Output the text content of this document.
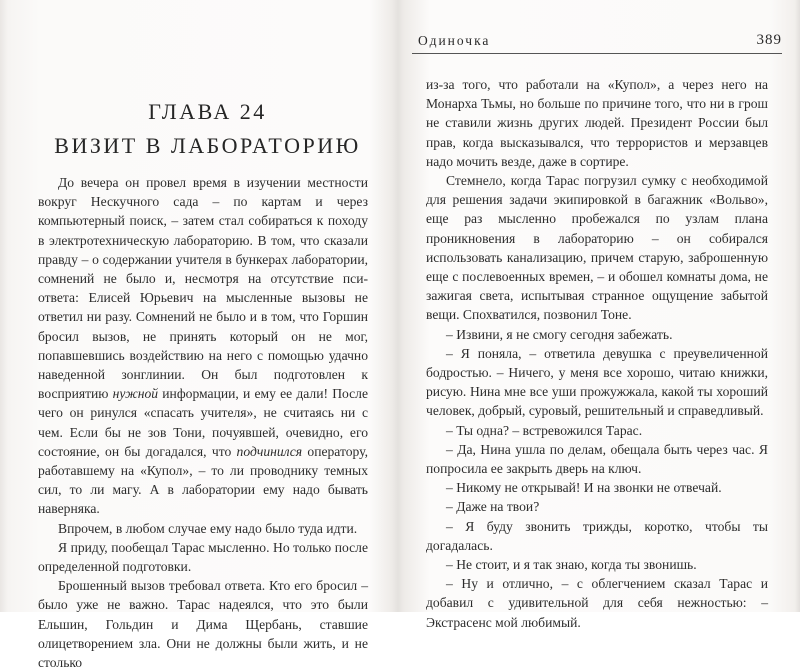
ГЛАВА 24
ВИЗИТ В ЛАБОРАТОРИЮ

До вечера он провел время в изучении местности вокруг Нескучного сада – по картам и через компьютерный поиск, – затем стал собираться к походу в электротехническую лабораторию. В том, что сказали правду – о содержании учителя в бункерах лаборатории, сомнений не было и, несмотря на отсутствие пси-ответа: Елисей Юрьевич на мысленные вызовы не ответил ни разу. Сомнений не было и в том, что Горшин бросил вызов, не принять который он не мог, попавшевшись воздействию на него с помощью удачно наведенной зонглинии. Он был подготовлен к восприятию нужной информации, и ему ее дали! После чего он ринулся «спасать учителя», не считаясь ни с чем. Если бы не зов Тони, почуявшей, очевидно, его состояние, он бы догадался, что подчинился оператору, работавшему на «Купол», – то ли проводнику темных сил, то ли магу. А в лаборатории ему надо бывать наверняка.

Впрочем, в любом случае ему надо было туда идти.

Я приду, пообещал Тарас мысленно. Но только после определенной подготовки.

Брошенный вызов требовал ответа. Кто его бросил – было уже не важно. Тарас надеялся, что это были Ельшин, Гольдин и Дима Щербань, ставшие олицетворением зла. Они не должны были жить, и не столько

Одиночка	389

из-за того, что работали на «Купол», а через него на Монарха Тьмы, но больше по причине того, что ни в грош не ставили жизнь других людей. Президент России был прав, когда высказывался, что террористов и мерзавцев надо мочить везде, даже в сортире.

Стемнело, когда Тарас погрузил сумку с необходимой для решения задачи экипировкой в багажник «Вольво», еще раз мысленно пробежался по узлам плана проникновения в лабораторию – он собирался использовать канализацию, причем старую, заброшенную еще с послевоенных времен, – и обошел комнаты дома, не зажигая света, испытывая странное ощущение забытой вещи. Спохватился, позвонил Тоне.

– Извини, я не смогу сегодня забежать.

– Я поняла, – ответила девушка с преувеличенной бодростью. – Ничего, у меня все хорошо, читаю книжки, рисую. Нина мне все уши прожужжала, какой ты хороший человек, добрый, суровый, решительный и справедливый.

– Ты одна? – встревожился Тарас.

– Да, Нина ушла по делам, обещала быть через час. Я попросила ее закрыть дверь на ключ.

– Никому не открывай! И на звонки не отвечай.

– Даже на твои?

– Я буду звонить трижды, коротко, чтобы ты догадалась.

– Не стоит, и я так знаю, когда ты звонишь.

– Ну и отлично, – с облегчением сказал Тарас и добавил с удивительной для себя нежностью: – Экстрасенс мой любимый.
